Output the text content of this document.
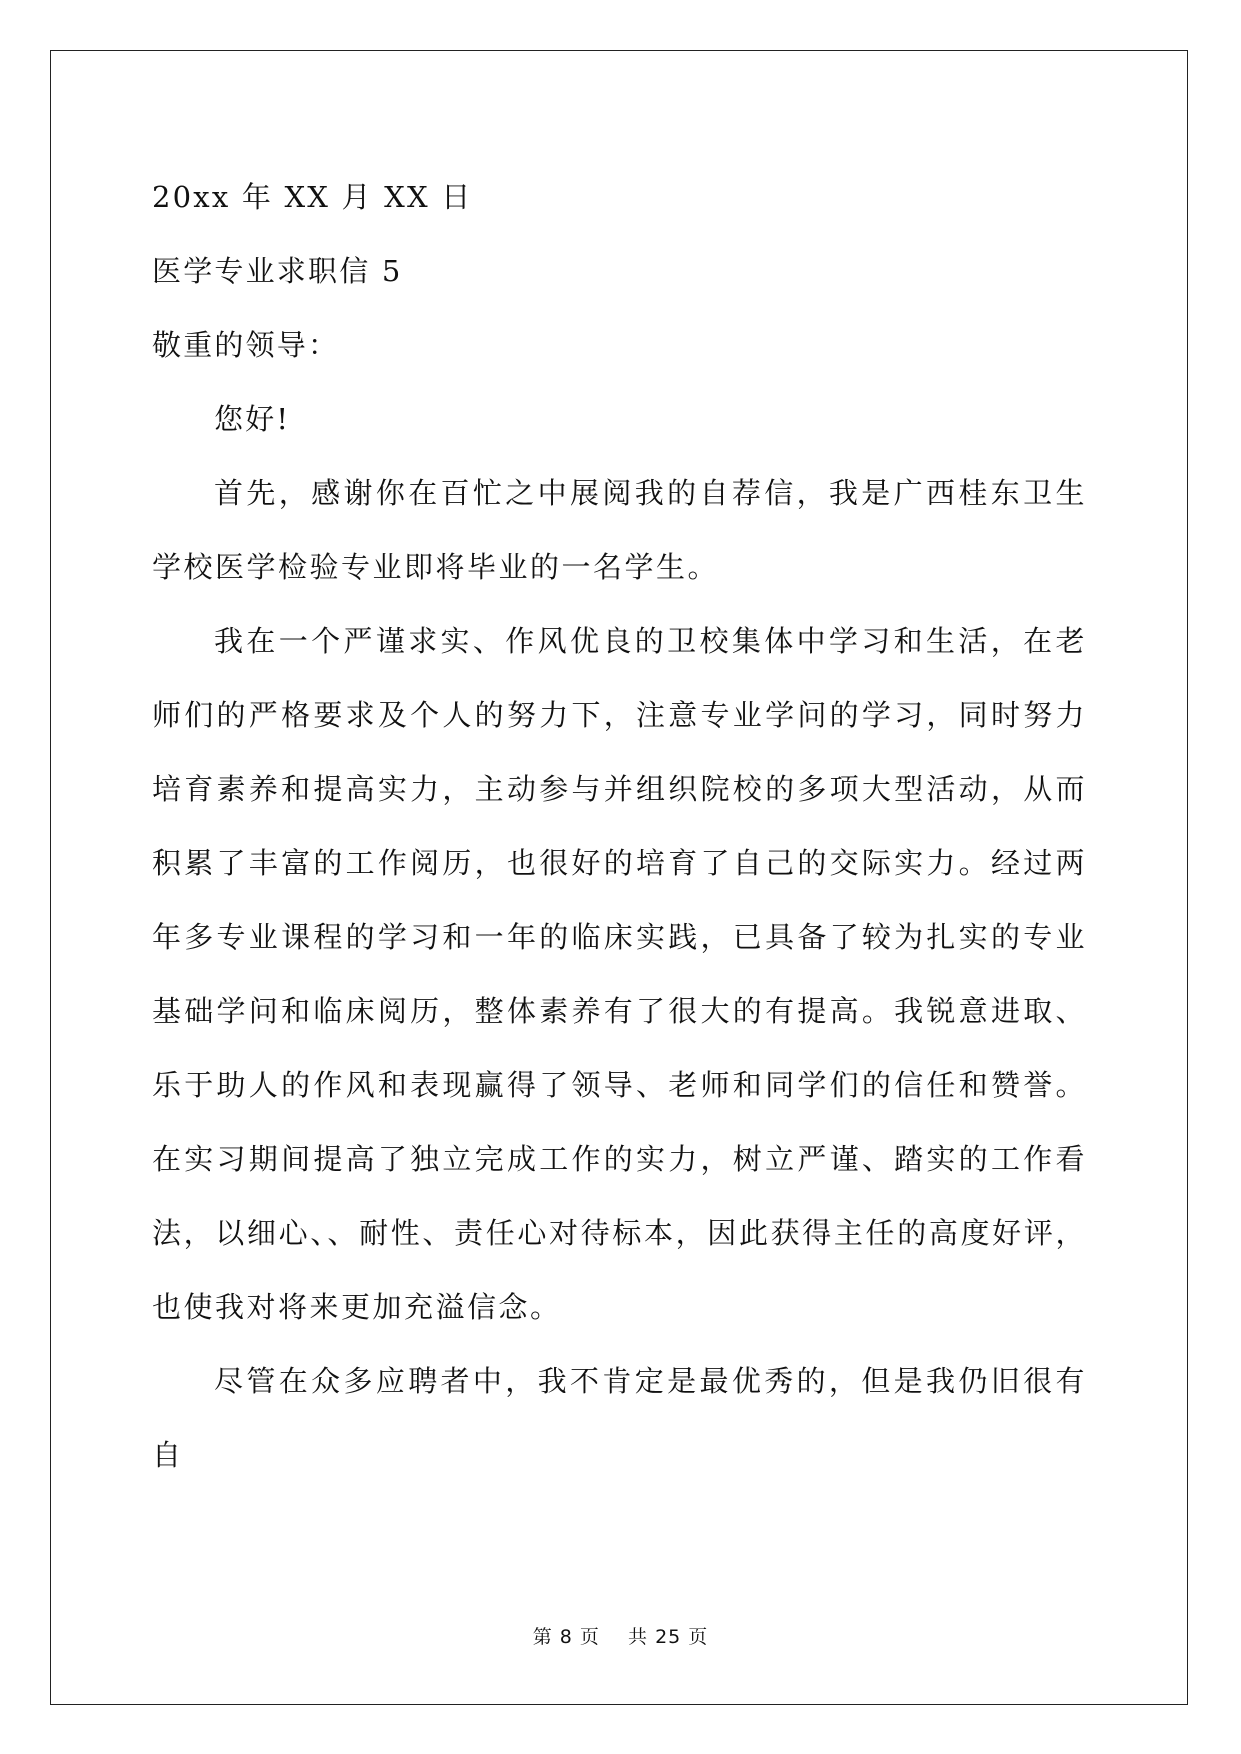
20xx 年 XX 月 XX 日
医学专业求职信 5
敬重的领导：
您好!

首先，感谢你在百忙之中展阅我的自荐信，我是广西桂东卫生学校医学检验专业即将毕业的一名学生。

我在一个严谨求实、作风优良的卫校集体中学习和生活，在老师们的严格要求及个人的努力下，注意专业学问的学习，同时努力培育素养和提高实力，主动参与并组织院校的多项大型活动，从而积累了丰富的工作阅历，也很好的培育了自己的交际实力。经过两年多专业课程的学习和一年的临床实践，已具备了较为扎实的专业基础学问和临床阅历，整体素养有了很大的有提高。我锐意进取、乐于助人的作风和表现赢得了领导、老师和同学们的信任和赞誉。在实习期间提高了独立完成工作的实力，树立严谨、踏实的工作看法，以细心、、耐性、责任心对待标本，因此获得主任的高度好评，也使我对将来更加充溢信念。

尽管在众多应聘者中，我不肯定是最优秀的，但是我仍旧很有自

第 8 页 共 25 页
